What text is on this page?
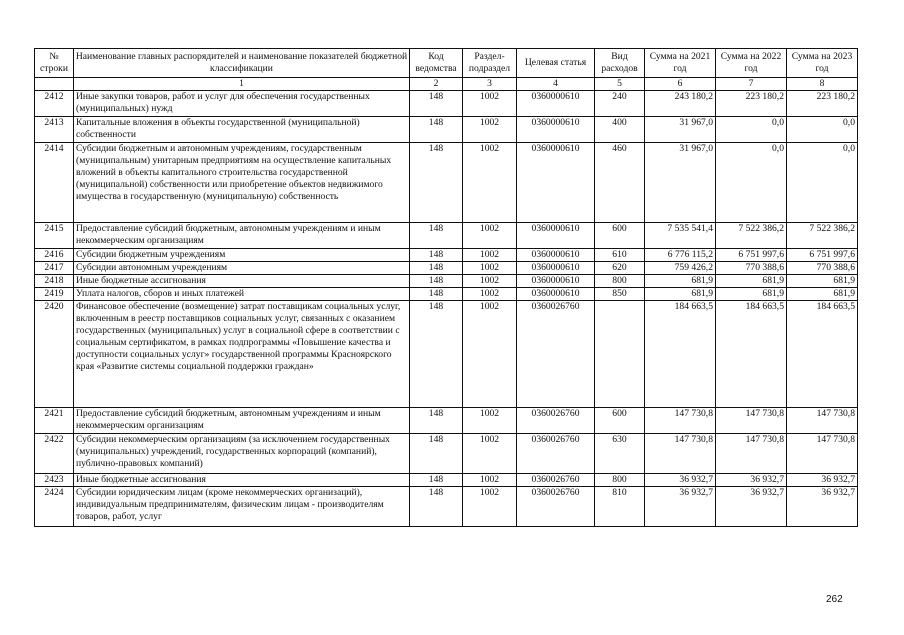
№ строки	Наименование главных распорядителей и наименование показателей бюджетной классификации	Код ведомства	Раздел-подраздел	Целевая статья	Вид расходов	Сумма на 2021 год	Сумма на 2022 год	Сумма на 2023 год
	1	2	3	4	5	6	7	8
2412	Иные закупки товаров, работ и услуг для обеспечения государственных (муниципальных) нужд	148	1002	0360000610	240	243 180,2	223 180,2	223 180,2
2413	Капитальные вложения в объекты государственной (муниципальной) собственности	148	1002	0360000610	400	31 967,0	0,0	0,0
2414	Субсидии бюджетным и автономным учреждениям, государственным (муниципальным) унитарным предприятиям на осуществление капитальных вложений в объекты капитального строительства государственной (муниципальной) собственности или приобретение объектов недвижимого имущества в государственную (муниципальную) собственность	148	1002	0360000610	460	31 967,0	0,0	0,0
2415	Предоставление субсидий бюджетным, автономным учреждениям и иным некоммерческим организациям	148	1002	0360000610	600	7 535 541,4	7 522 386,2	7 522 386,2
2416	Субсидии бюджетным учреждениям	148	1002	0360000610	610	6 776 115,2	6 751 997,6	6 751 997,6
2417	Субсидии автономным учреждениям	148	1002	0360000610	620	759 426,2	770 388,6	770 388,6
2418	Иные бюджетные ассигнования	148	1002	0360000610	800	681,9	681,9	681,9
2419	Уплата налогов, сборов и иных платежей	148	1002	0360000610	850	681,9	681,9	681,9
2420	Финансовое обеспечение (возмещение) затрат поставщикам социальных услуг, включенным в реестр поставщиков социальных услуг, связанных с оказанием государственных (муниципальных) услуг в социальной сфере в соответствии с социальным сертификатом, в рамках подпрограммы «Повышение качества и доступности социальных услуг» государственной программы Красноярского края «Развитие системы социальной поддержки граждан»	148	1002	0360026760		184 663,5	184 663,5	184 663,5
2421	Предоставление субсидий бюджетным, автономным учреждениям и иным некоммерческим организациям	148	1002	0360026760	600	147 730,8	147 730,8	147 730,8
2422	Субсидии некоммерческим организациям (за исключением государственных (муниципальных) учреждений, государственных корпораций (компаний), публично-правовых компаний)	148	1002	0360026760	630	147 730,8	147 730,8	147 730,8
2423	Иные бюджетные ассигнования	148	1002	0360026760	800	36 932,7	36 932,7	36 932,7
2424	Субсидии юридическим лицам (кроме некоммерческих организаций), индивидуальным предпринимателям, физическим лицам - производителям товаров, работ, услуг	148	1002	0360026760	810	36 932,7	36 932,7	36 932,7
262
